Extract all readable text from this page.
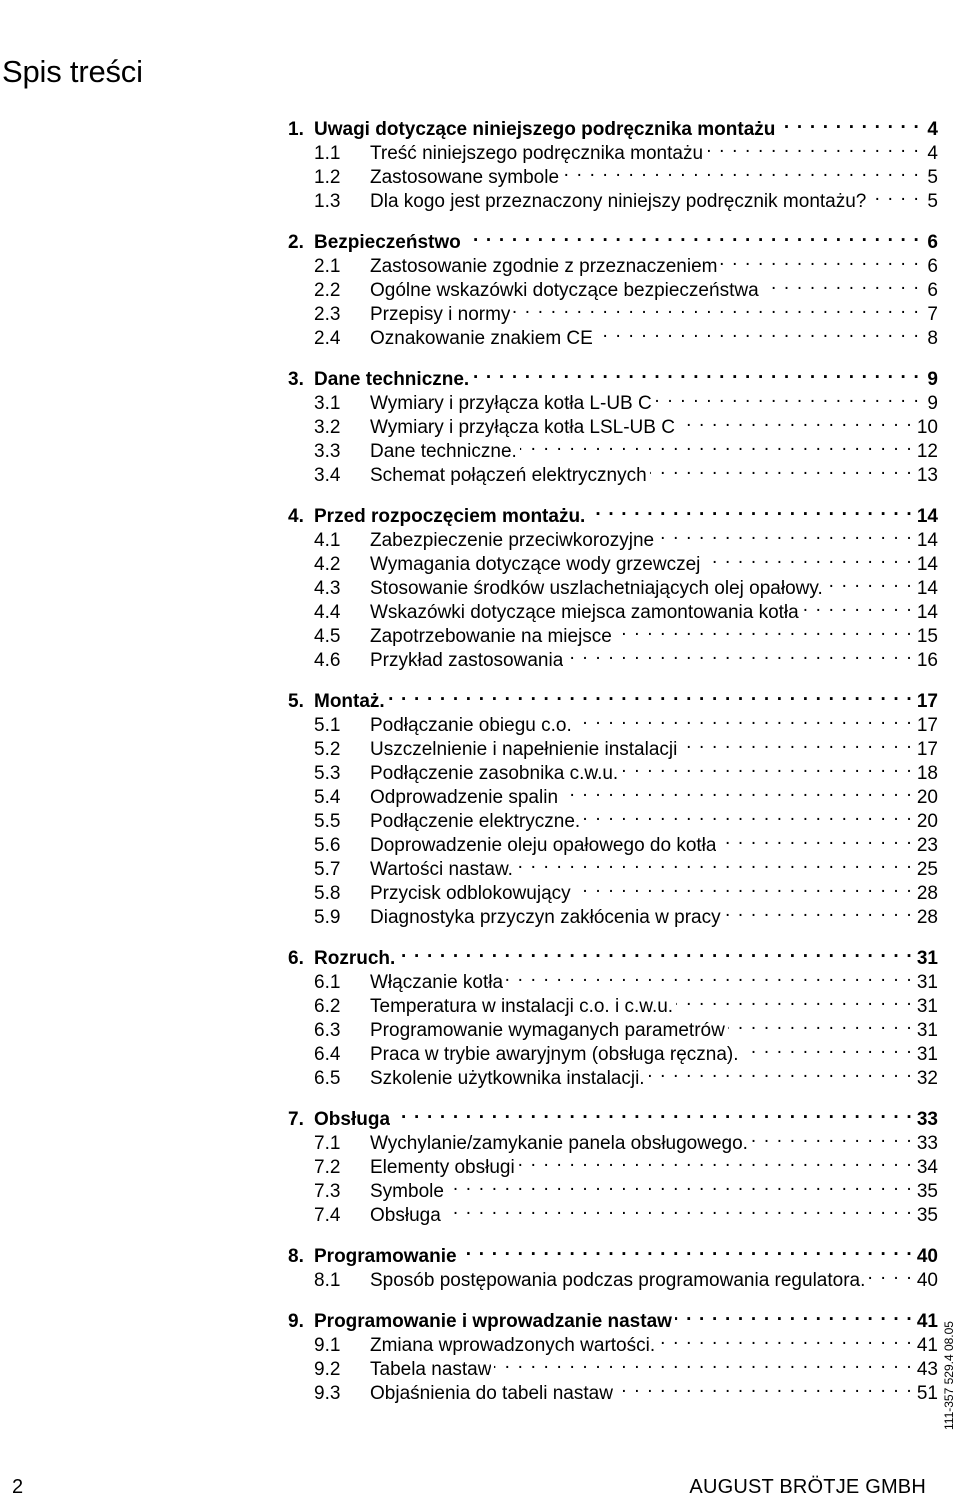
Spis treści
1. Uwagi dotyczące niniejszego podręcznika montażu . . .	4
1.1	Treść niniejszego podręcznika montażu . . .	4
1.2	Zastosowane symbole . . .	5
1.3	Dla kogo jest przeznaczony niniejszy podręcznik montażu? . . .	5
2. Bezpieczeństwo . . .	6
2.1	Zastosowanie zgodnie z przeznaczeniem . . .	6
2.2	Ogólne wskazówki dotyczące bezpieczeństwa . . .	6
2.3	Przepisy i normy . . .	7
2.4	Oznakowanie znakiem CE . . .	8
3. Dane techniczne. . . .	9
3.1	Wymiary i przyłącza kotła L-UB C . . .	9
3.2	Wymiary i przyłącza kotła LSL-UB C . . .	10
3.3	Dane techniczne. . . .	12
3.4	Schemat połączeń elektrycznych . . .	13
4. Przed rozpoczęciem montażu. . . .	14
4.1	Zabezpieczenie przeciwkorozyjne . . .	14
4.2	Wymagania dotyczące wody grzewczej . . .	14
4.3	Stosowanie środków uszlachetniających olej opałowy. . . .	14
4.4	Wskazówki dotyczące miejsca zamontowania kotła . . .	14
4.5	Zapotrzebowanie na miejsce . . .	15
4.6	Przykład zastosowania . . .	16
5. Montaż. . . .	17
5.1	Podłączanie obiegu c.o. . . .	17
5.2	Uszczelnienie i napełnienie instalacji . . .	17
5.3	Podłączenie zasobnika c.w.u. . . .	18
5.4	Odprowadzenie spalin . . .	20
5.5	Podłączenie elektryczne. . . .	20
5.6	Doprowadzenie oleju opałowego do kotła . . .	23
5.7	Wartości nastaw. . . .	25
5.8	Przycisk odblokowujący . . .	28
5.9	Diagnostyka przyczyn zakłócenia w pracy . . .	28
6. Rozruch. . . .	31
6.1	Włączanie kotła . . .	31
6.2	Temperatura w instalacji c.o. i c.w.u. . . .	31
6.3	Programowanie wymaganych parametrów . . .	31
6.4	Praca w trybie awaryjnym (obsługa ręczna). . . .	31
6.5	Szkolenie użytkownika instalacji. . . .	32
7. Obsługa . . .	33
7.1	Wychylanie/zamykanie panela obsługowego. . . .	33
7.2	Elementy obsługi . . .	34
7.3	Symbole . . .	35
7.4	Obsługa . . .	35
8. Programowanie . . .	40
8.1	Sposób postępowania podczas programowania regulatora. . . .	40
9. Programowanie i wprowadzanie nastaw . . .	41
9.1	Zmiana wprowadzonych wartości. . . .	41
9.2	Tabela nastaw . . .	43
9.3	Objaśnienia do tabeli nastaw . . .	51 111-357 529.4 08.05
2	AUGUST BRÖTJE GMBH
